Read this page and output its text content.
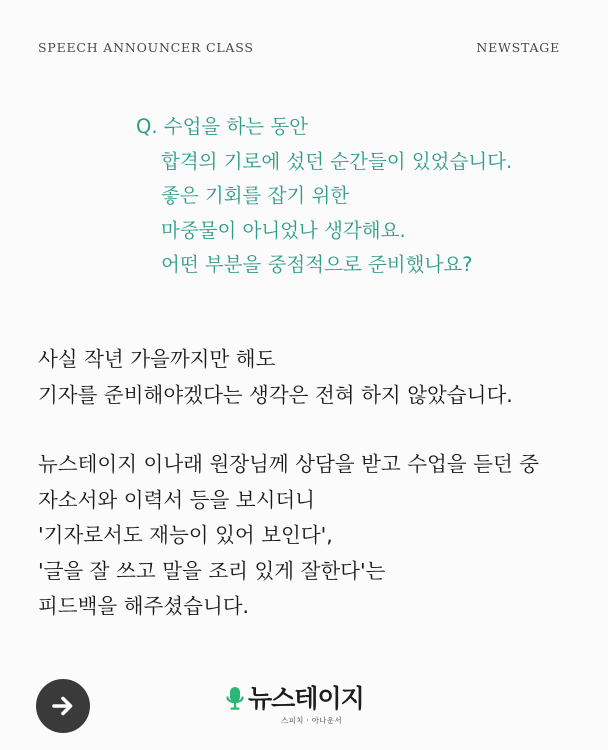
SPEECH ANNOUNCER CLASS	NEWSTAGE
Q. 수업을 하는 동안
합격의 기로에 섰던 순간들이 있었습니다.
좋은 기회를 잡기 위한
마중물이 아니었나 생각해요.
어떤 부분을 중점적으로 준비했나요?
사실 작년 가을까지만 해도
기자를 준비해야겠다는 생각은 전혀 하지 않았습니다.
뉴스테이지 이나래 원장님께 상담을 받고 수업을 듣던 중
자소서와 이력서 등을 보시더니
'기자로서도 재능이 있어 보인다',
'글을 잘 쓰고 말을 조리 있게 잘한다'는
피드백을 해주셨습니다.
뉴스테이지
스피치 · 아나운서
